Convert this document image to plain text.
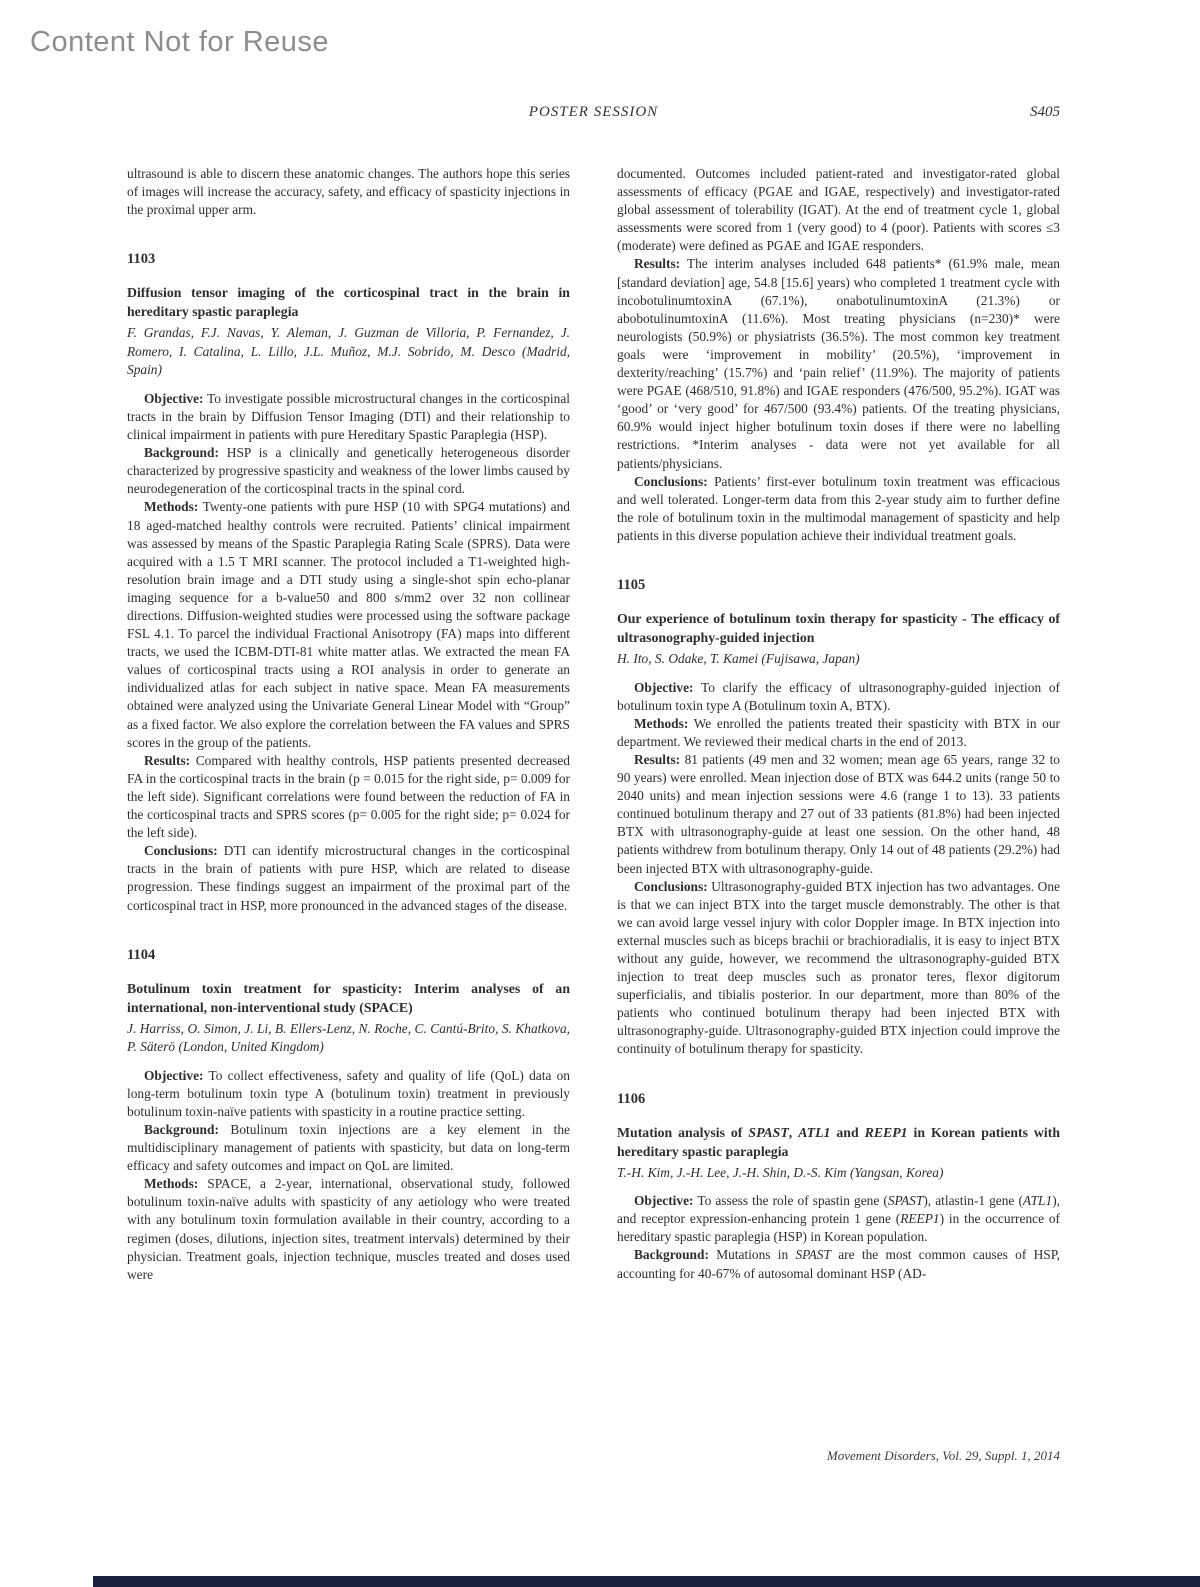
Content Not for Reuse
POSTER SESSION	S405

ultrasound is able to discern these anatomic changes. The authors hope this series of images will increase the accuracy, safety, and efficacy of spasticity injections in the proximal upper arm.

1103
Diffusion tensor imaging of the corticospinal tract in the brain in hereditary spastic paraplegia

F. Grandas, F.J. Navas, Y. Aleman, J. Guzman de Villoria, P. Fernandez, J. Romero, I. Catalina, L. Lillo, J.L. Muñoz, M.J. Sobrido, M. Desco (Madrid, Spain)

Objective: To investigate possible microstructural changes in the corticospinal tracts in the brain by Diffusion Tensor Imaging (DTI) and their relationship to clinical impairment in patients with pure Hereditary Spastic Paraplegia (HSP).

Background: HSP is a clinically and genetically heterogeneous disorder characterized by progressive spasticity and weakness of the lower limbs caused by neurodegeneration of the corticospinal tracts in the spinal cord.

Methods: Twenty-one patients with pure HSP (10 with SPG4 mutations) and 18 aged-matched healthy controls were recruited. Patients’ clinical impairment was assessed by means of the Spastic Paraplegia Rating Scale (SPRS). Data were acquired with a 1.5 T MRI scanner. The protocol included a T1-weighted high-resolution brain image and a DTI study using a single-shot spin echo-planar imaging sequence for a b-value50 and 800 s/mm2 over 32 non collinear directions. Diffusion-weighted studies were processed using the software package FSL 4.1. To parcel the individual Fractional Anisotropy (FA) maps into different tracts, we used the ICBM-DTI-81 white matter atlas. We extracted the mean FA values of corticospinal tracts using a ROI analysis in order to generate an individualized atlas for each subject in native space. Mean FA measurements obtained were analyzed using the Univariate General Linear Model with “Group” as a fixed factor. We also explore the correlation between the FA values and SPRS scores in the group of the patients.

Results: Compared with healthy controls, HSP patients presented decreased FA in the corticospinal tracts in the brain (p = 0.015 for the right side, p= 0.009 for the left side). Significant correlations were found between the reduction of FA in the corticospinal tracts and SPRS scores (p= 0.005 for the right side; p= 0.024 for the left side).

Conclusions: DTI can identify microstructural changes in the corticospinal tracts in the brain of patients with pure HSP, which are related to disease progression. These findings suggest an impairment of the proximal part of the corticospinal tract in HSP, more pronounced in the advanced stages of the disease.

1104
Botulinum toxin treatment for spasticity: Interim analyses of an international, non-interventional study (SPACE)

J. Harriss, O. Simon, J. Li, B. Ellers-Lenz, N. Roche, C. Cantú-Brito, S. Khatkova, P. Säterö (London, United Kingdom)

Objective: To collect effectiveness, safety and quality of life (QoL) data on long-term botulinum toxin type A (botulinum toxin) treatment in previously botulinum toxin-naïve patients with spasticity in a routine practice setting.

Background: Botulinum toxin injections are a key element in the multidisciplinary management of patients with spasticity, but data on long-term efficacy and safety outcomes and impact on QoL are limited.

Methods: SPACE, a 2-year, international, observational study, followed botulinum toxin-naïve adults with spasticity of any aetiology who were treated with any botulinum toxin formulation available in their country, according to a regimen (doses, dilutions, injection sites, treatment intervals) determined by their physician. Treatment goals, injection technique, muscles treated and doses used were

documented. Outcomes included patient-rated and investigator-rated global assessments of efficacy (PGAE and IGAE, respectively) and investigator-rated global assessment of tolerability (IGAT). At the end of treatment cycle 1, global assessments were scored from 1 (very good) to 4 (poor). Patients with scores ≤3 (moderate) were defined as PGAE and IGAE responders.

Results: The interim analyses included 648 patients* (61.9% male, mean [standard deviation] age, 54.8 [15.6] years) who completed 1 treatment cycle with incobotulinumtoxinA (67.1%), onabotulinumtoxinA (21.3%) or abobotulinumtoxinA (11.6%). Most treating physicians (n=230)* were neurologists (50.9%) or physiatrists (36.5%). The most common key treatment goals were ‘improvement in mobility’ (20.5%), ‘improvement in dexterity/reaching’ (15.7%) and ‘pain relief’ (11.9%). The majority of patients were PGAE (468/510, 91.8%) and IGAE responders (476/500, 95.2%). IGAT was ‘good’ or ‘very good’ for 467/500 (93.4%) patients. Of the treating physicians, 60.9% would inject higher botulinum toxin doses if there were no labelling restrictions. *Interim analyses - data were not yet available for all patients/physicians.

Conclusions: Patients’ first-ever botulinum toxin treatment was efficacious and well tolerated. Longer-term data from this 2-year study aim to further define the role of botulinum toxin in the multimodal management of spasticity and help patients in this diverse population achieve their individual treatment goals.

1105
Our experience of botulinum toxin therapy for spasticity - The efficacy of ultrasonography-guided injection

H. Ito, S. Odake, T. Kamei (Fujisawa, Japan)

Objective: To clarify the efficacy of ultrasonography-guided injection of botulinum toxin type A (Botulinum toxin A, BTX).

Methods: We enrolled the patients treated their spasticity with BTX in our department. We reviewed their medical charts in the end of 2013.

Results: 81 patients (49 men and 32 women; mean age 65 years, range 32 to 90 years) were enrolled. Mean injection dose of BTX was 644.2 units (range 50 to 2040 units) and mean injection sessions were 4.6 (range 1 to 13). 33 patients continued botulinum therapy and 27 out of 33 patients (81.8%) had been injected BTX with ultrasonography-guide at least one session. On the other hand, 48 patients withdrew from botulinum therapy. Only 14 out of 48 patients (29.2%) had been injected BTX with ultrasonography-guide.

Conclusions: Ultrasonography-guided BTX injection has two advantages. One is that we can inject BTX into the target muscle demonstrably. The other is that we can avoid large vessel injury with color Doppler image. In BTX injection into external muscles such as biceps brachii or brachioradialis, it is easy to inject BTX without any guide, however, we recommend the ultrasonography-guided BTX injection to treat deep muscles such as pronator teres, flexor digitorum superficialis, and tibialis posterior. In our department, more than 80% of the patients who continued botulinum therapy had been injected BTX with ultrasonography-guide. Ultrasonography-guided BTX injection could improve the continuity of botulinum therapy for spasticity.

1106
Mutation analysis of SPAST, ATL1 and REEP1 in Korean patients with hereditary spastic paraplegia

T.-H. Kim, J.-H. Lee, J.-H. Shin, D.-S. Kim (Yangsan, Korea)

Objective: To assess the role of spastin gene (SPAST), atlastin-1 gene (ATL1), and receptor expression-enhancing protein 1 gene (REEP1) in the occurrence of hereditary spastic paraplegia (HSP) in Korean population.

Background: Mutations in SPAST are the most common causes of HSP, accounting for 40-67% of autosomal dominant HSP (AD-

Movement Disorders, Vol. 29, Suppl. 1, 2014
